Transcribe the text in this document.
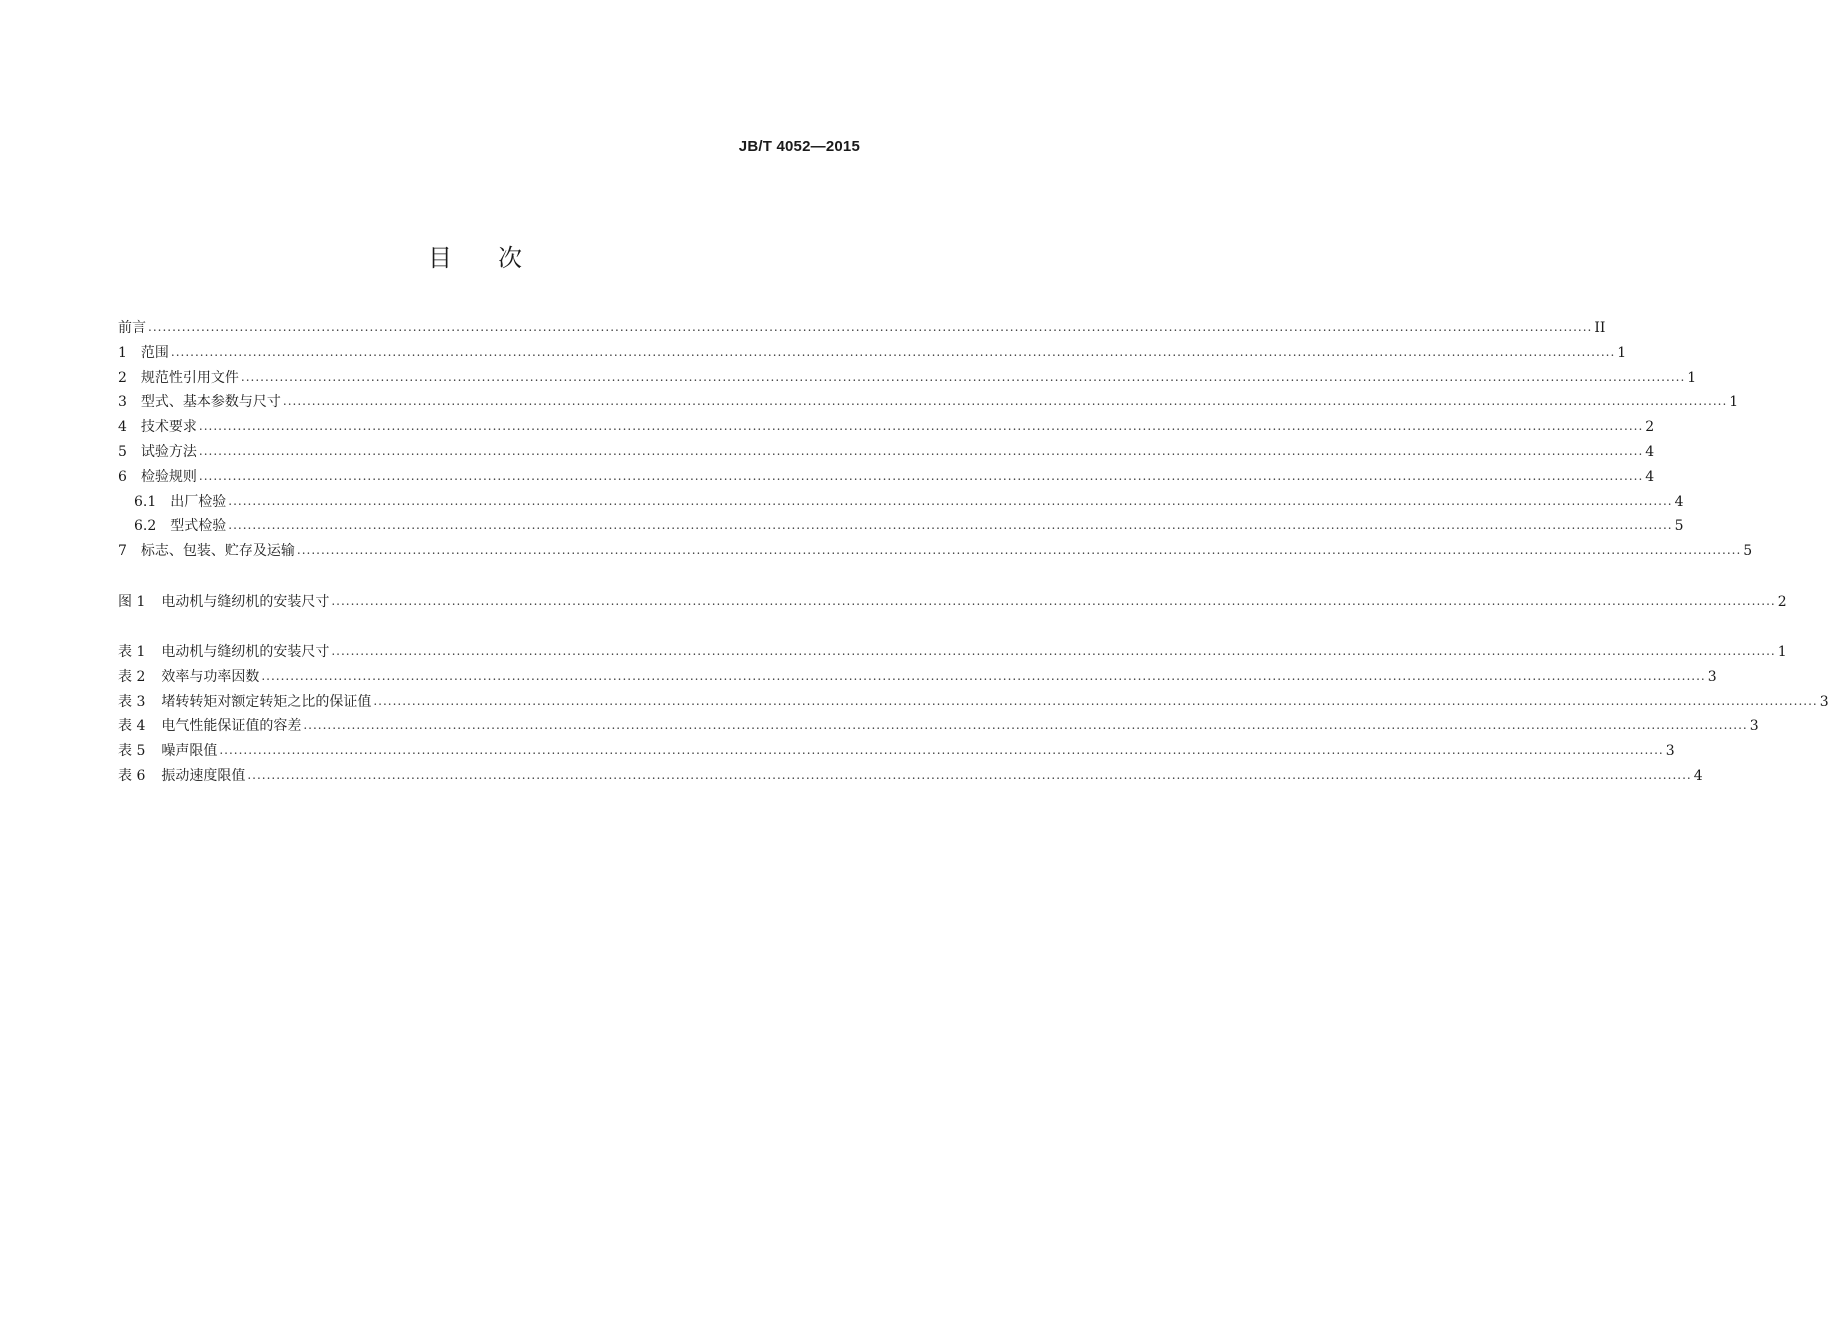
JB/T 4052—2015
目次
前言 ............................................................................................................................................................................................................................................................................................................ II
1 范围 ............................................................................................................................................................................................................................................................................................................ 1
2 规范性引用文件 ............................................................................................................................................................................................................................................................................................................ 1
3 型式、基本参数与尺寸 ............................................................................................................................................................................................................................................................................................................ 1
4 技术要求 ............................................................................................................................................................................................................................................................................................................ 2
5 试验方法 ............................................................................................................................................................................................................................................................................................................ 4
6 检验规则 ............................................................................................................................................................................................................................................................................................................ 4
6.1 出厂检验 ............................................................................................................................................................................................................................................................................................................ 4
6.2 型式检验 ............................................................................................................................................................................................................................................................................................................ 5
7 标志、包装、贮存及运输 ............................................................................................................................................................................................................................................................................................................ 5
图 1 电动机与缝纫机的安装尺寸 ............................................................................................................................................................................................................................................................................................................ 2
表 1 电动机与缝纫机的安装尺寸 ............................................................................................................................................................................................................................................................................................................ 1
表 2 效率与功率因数 ............................................................................................................................................................................................................................................................................................................ 3
表 3 堵转转矩对额定转矩之比的保证值 ............................................................................................................................................................................................................................................................................................................ 3
表 4 电气性能保证值的容差 ............................................................................................................................................................................................................................................................................................................ 3
表 5 噪声限值 ............................................................................................................................................................................................................................................................................................................ 3
表 6 振动速度限值 ............................................................................................................................................................................................................................................................................................................ 4
